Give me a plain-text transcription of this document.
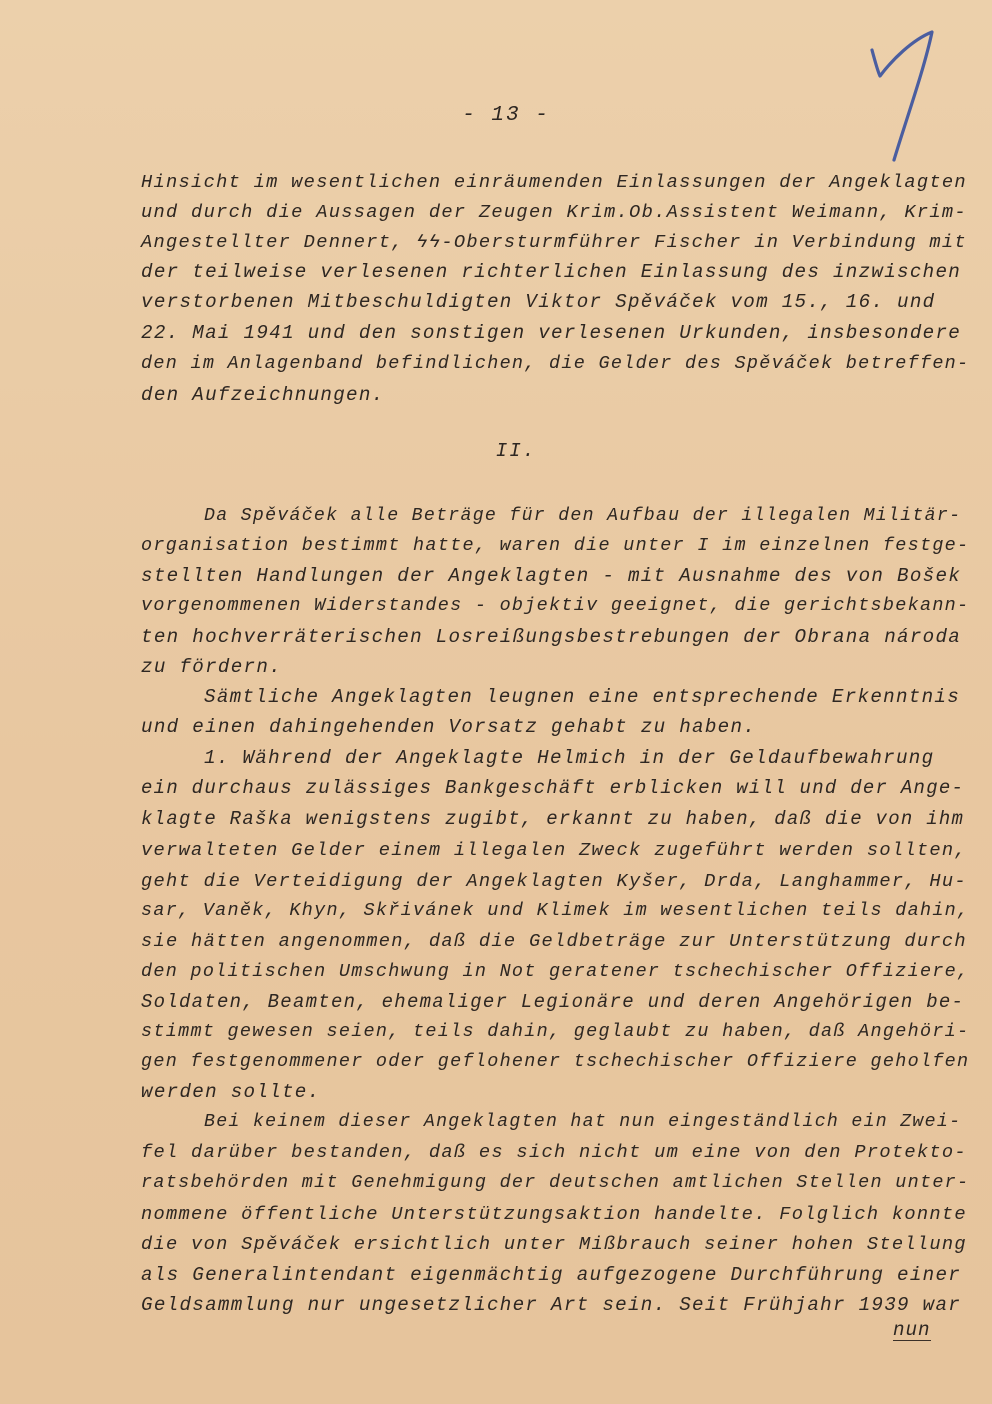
- 13 -
Hinsicht im wesentlichen einräumenden Einlassungen der Angeklagten
und durch die Aussagen der Zeugen Krim.Ob.Assistent Weimann, Krim-
Angestellter Dennert, ϟϟ-Obersturmführer Fischer in Verbindung mit
der teilweise verlesenen richterlichen Einlassung des inzwischen
verstorbenen Mitbeschuldigten Viktor Spěváček vom 15., 16. und
22. Mai 1941 und den sonstigen verlesenen Urkunden, insbesondere
den im Anlagenband befindlichen, die Gelder des Spěváček betreffen-
den Aufzeichnungen.
II.
Da Spěváček alle Beträge für den Aufbau der illegalen Militär-
organisation bestimmt hatte, waren die unter I im einzelnen festge-
stellten Handlungen der Angeklagten - mit Ausnahme des von Bošek
vorgenommenen Widerstandes - objektiv geeignet, die gerichtsbekann-
ten hochverräterischen Losreißungsbestrebungen der Obrana národa
zu fördern.
Sämtliche Angeklagten leugnen eine entsprechende Erkenntnis
und einen dahingehenden Vorsatz gehabt zu haben.
1. Während der Angeklagte Helmich in der Geldaufbewahrung
ein durchaus zulässiges Bankgeschäft erblicken will und der Ange-
klagte Raška wenigstens zugibt, erkannt zu haben, daß die von ihm
verwalteten Gelder einem illegalen Zweck zugeführt werden sollten,
geht die Verteidigung der Angeklagten Kyšer, Drda, Langhammer, Hu-
sar, Vaněk, Khyn, Skřivánek und Klimek im wesentlichen teils dahin,
sie hätten angenommen, daß die Geldbeträge zur Unterstützung durch
den politischen Umschwung in Not geratener tschechischer Offiziere,
Soldaten, Beamten, ehemaliger Legionäre und deren Angehörigen be-
stimmt gewesen seien, teils dahin, geglaubt zu haben, daß Angehöri-
gen festgenommener oder geflohener tschechischer Offiziere geholfen
werden sollte.
Bei keinem dieser Angeklagten hat nun eingeständlich ein Zwei-
fel darüber bestanden, daß es sich nicht um eine von den Protekto-
ratsbehörden mit Genehmigung der deutschen amtlichen Stellen unter-
nommene öffentliche Unterstützungsaktion handelte. Folglich konnte
die von Spěváček ersichtlich unter Mißbrauch seiner hohen Stellung
als Generalintendant eigenmächtig aufgezogene Durchführung einer
Geldsammlung nur ungesetzlicher Art sein. Seit Frühjahr 1939 war
nun
